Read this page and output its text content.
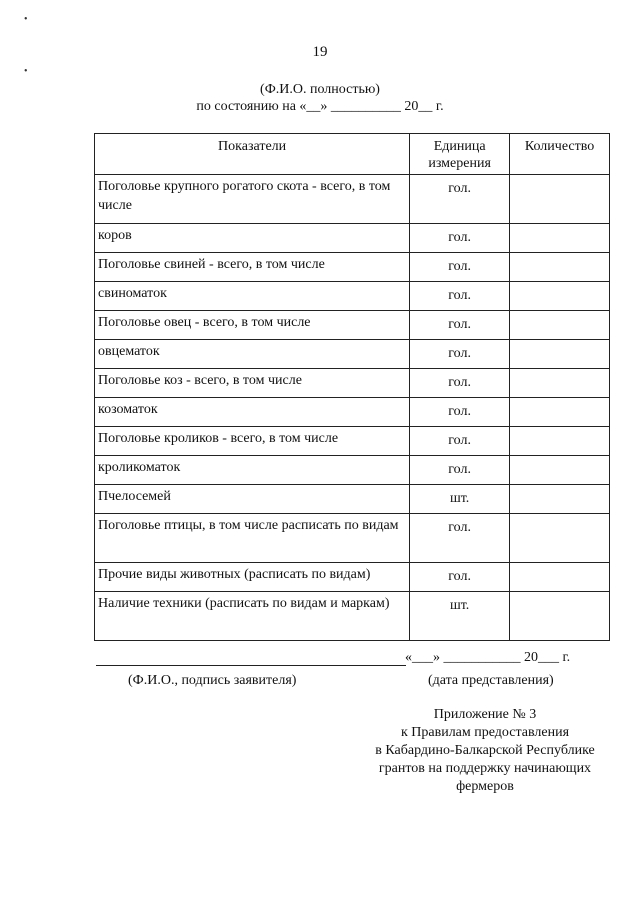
19
(Ф.И.О. полностью)
по состоянию на «__» __________ 20__ г.
Показатели	Единица измерения	Количество
Поголовье крупного рогатого скота - всего, в том числе	гол.	
коров	гол.	
Поголовье свиней - всего, в том числе	гол.	
свиноматок	гол.	
Поголовье овец - всего, в том числе	гол.	
овцематок	гол.	
Поголовье коз - всего, в том числе	гол.	
козоматок	гол.	
Поголовье кроликов - всего, в том числе	гол.	
кроликоматок	гол.	
Пчелосемей	шт.	
Поголовье птицы, в том числе расписать по видам	гол.	
Прочие виды животных (расписать по видам)	гол.	
Наличие техники (расписать по видам и маркам)	шт.	
«___» ___________ 20___ г.
(Ф.И.О., подпись заявителя)	(дата представления)
Приложение № 3
к Правилам предоставления
в Кабардино-Балкарской Республике
грантов на поддержку начинающих
фермеров
•
•
